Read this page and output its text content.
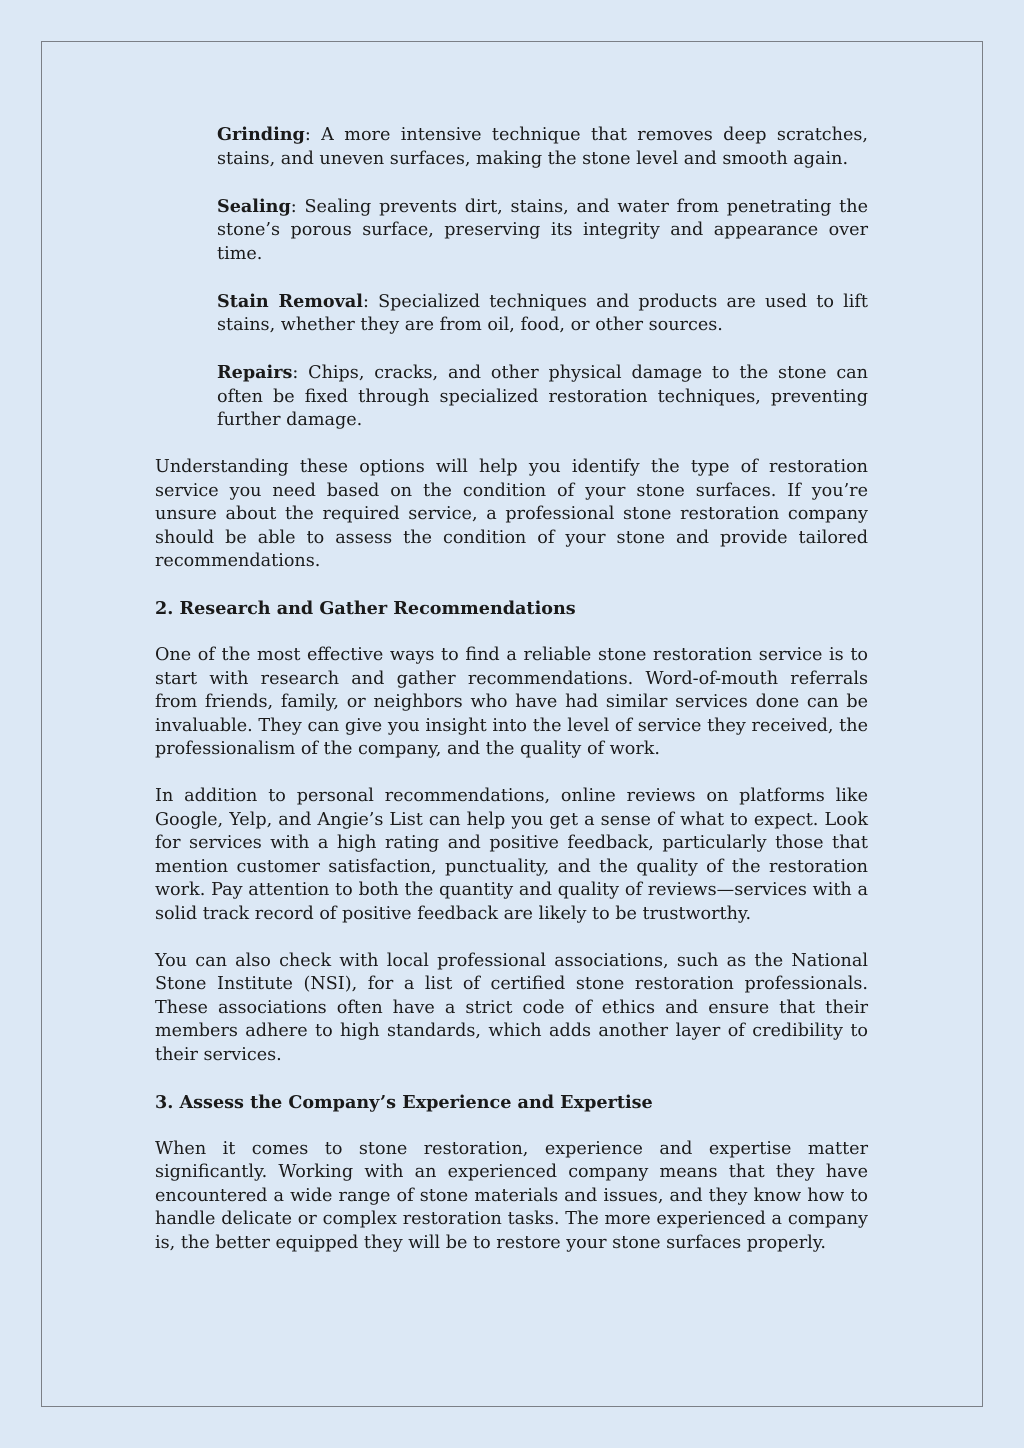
Grinding: A more intensive technique that removes deep scratches, stains, and uneven surfaces, making the stone level and smooth again.

Sealing: Sealing prevents dirt, stains, and water from penetrating the stone’s porous surface, preserving its integrity and appearance over time.

Stain Removal: Specialized techniques and products are used to lift stains, whether they are from oil, food, or other sources.

Repairs: Chips, cracks, and other physical damage to the stone can often be fixed through specialized restoration techniques, preventing further damage.

Understanding these options will help you identify the type of restoration service you need based on the condition of your stone surfaces. If you’re unsure about the required service, a professional stone restoration company should be able to assess the condition of your stone and provide tailored recommendations.

2. Research and Gather Recommendations

One of the most effective ways to find a reliable stone restoration service is to start with research and gather recommendations. Word-of-mouth referrals from friends, family, or neighbors who have had similar services done can be invaluable. They can give you insight into the level of service they received, the professionalism of the company, and the quality of work.

In addition to personal recommendations, online reviews on platforms like Google, Yelp, and Angie’s List can help you get a sense of what to expect. Look for services with a high rating and positive feedback, particularly those that mention customer satisfaction, punctuality, and the quality of the restoration work. Pay attention to both the quantity and quality of reviews—services with a solid track record of positive feedback are likely to be trustworthy.

You can also check with local professional associations, such as the National Stone Institute (NSI), for a list of certified stone restoration professionals. These associations often have a strict code of ethics and ensure that their members adhere to high standards, which adds another layer of credibility to their services.

3. Assess the Company’s Experience and Expertise

When it comes to stone restoration, experience and expertise matter significantly. Working with an experienced company means that they have encountered a wide range of stone materials and issues, and they know how to handle delicate or complex restoration tasks. The more experienced a company is, the better equipped they will be to restore your stone surfaces properly.
